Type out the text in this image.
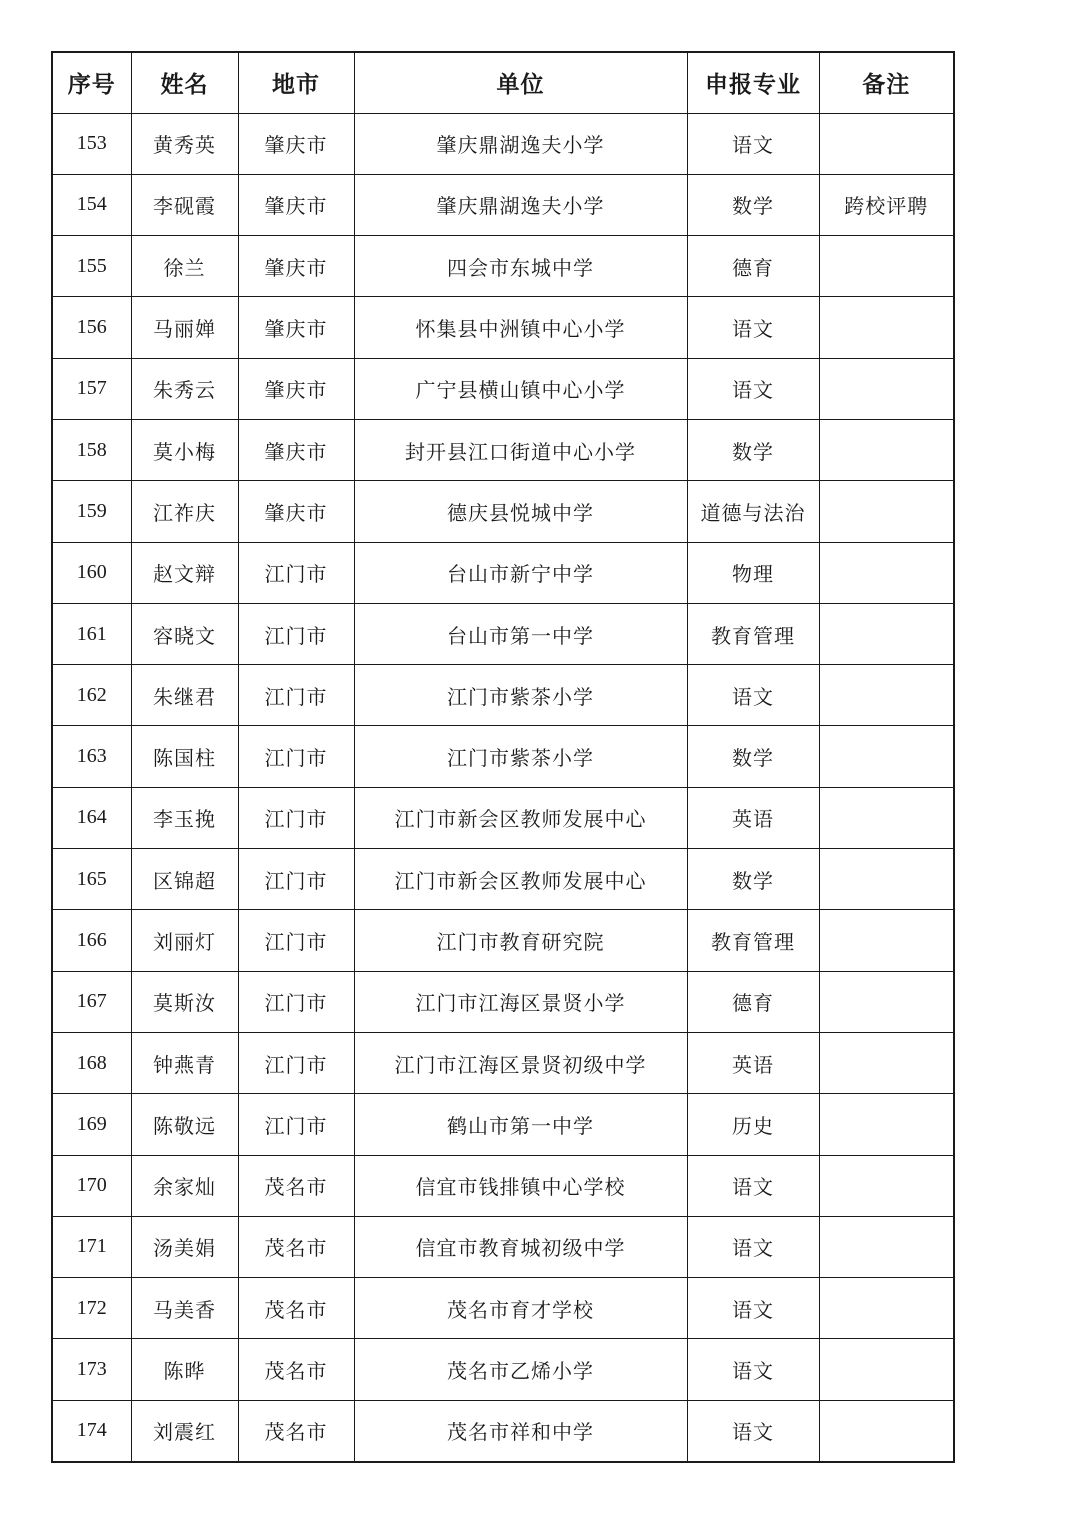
序号	姓名	地市	单位	申报专业	备注
153	黄秀英	肇庆市	肇庆鼎湖逸夫小学	语文	
154	李砚霞	肇庆市	肇庆鼎湖逸夫小学	数学	跨校评聘
155	徐兰	肇庆市	四会市东城中学	德育	
156	马丽婵	肇庆市	怀集县中洲镇中心小学	语文	
157	朱秀云	肇庆市	广宁县横山镇中心小学	语文	
158	莫小梅	肇庆市	封开县江口街道中心小学	数学	
159	江祚庆	肇庆市	德庆县悦城中学	道德与法治	
160	赵文辩	江门市	台山市新宁中学	物理	
161	容晓文	江门市	台山市第一中学	教育管理	
162	朱继君	江门市	江门市紫茶小学	语文	
163	陈国柱	江门市	江门市紫茶小学	数学	
164	李玉挽	江门市	江门市新会区教师发展中心	英语	
165	区锦超	江门市	江门市新会区教师发展中心	数学	
166	刘丽灯	江门市	江门市教育研究院	教育管理	
167	莫斯汝	江门市	江门市江海区景贤小学	德育	
168	钟燕青	江门市	江门市江海区景贤初级中学	英语	
169	陈敬远	江门市	鹤山市第一中学	历史	
170	余家灿	茂名市	信宜市钱排镇中心学校	语文	
171	汤美娟	茂名市	信宜市教育城初级中学	语文	
172	马美香	茂名市	茂名市育才学校	语文	
173	陈晔	茂名市	茂名市乙烯小学	语文	
174	刘震红	茂名市	茂名市祥和中学	语文	
